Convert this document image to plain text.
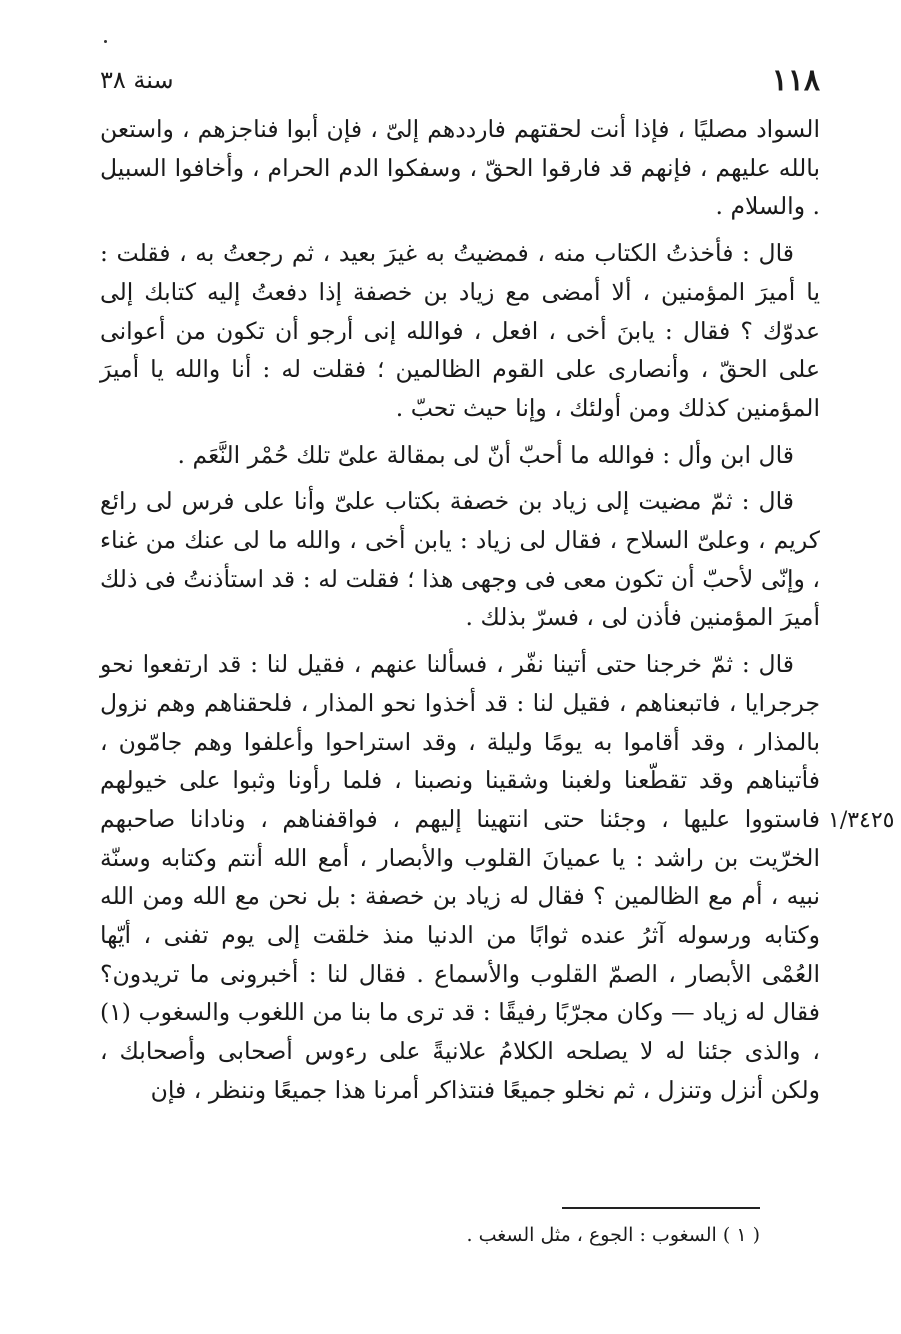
١١٨
سنة ٣٨

السواد مصليًا ، فإذا أنت لحقتهم فارددهم إلىّ ، فإن أبوا فناجزهم ، واستعن بالله عليهم ، فإنهم قد فارقوا الحقّ ، وسفكوا الدم الحرام ، وأخافوا السبيل . والسلام .

قال : فأخذتُ الكتاب منه ، فمضيتُ به غيرَ بعيد ، ثم رجعتُ به ، فقلت : يا أميرَ المؤمنين ، ألا أمضى مع زياد بن خصفة إذا دفعتُ إليه كتابك إلى عدوّك ؟ فقال : يابنَ أخى ، افعل ، فوالله إنى أرجو أن تكون من أعوانى على الحقّ ، وأنصارى على القوم الظالمين ؛ فقلت له : أنا والله يا أميرَ المؤمنين كذلك ومن أولئك ، وإنا حيث تحبّ .

قال ابن وأل : فوالله ما أحبّ أنّ لى بمقالة علىّ تلك حُمْر النَّعَم .

قال : ثمّ مضيت إلى زياد بن خصفة بكتاب علىّ وأنا على فرس لى رائع كريم ، وعلىّ السلاح ، فقال لى زياد : يابن أخى ، والله ما لى عنك من غناء ، وإنّى لأحبّ أن تكون معى فى وجهى هذا ؛ فقلت له : قد استأذنتُ فى ذلك أميرَ المؤمنين فأذن لى ، فسرّ بذلك .

قال : ثمّ خرجنا حتى أتينا نفّر ، فسألنا عنهم ، فقيل لنا : قد ارتفعوا نحو جرجرايا ، فاتبعناهم ، فقيل لنا : قد أخذوا نحو المذار ، فلحقناهم وهم نزول بالمذار ، وقد أقاموا به يومًا وليلة ، وقد استراحوا وأعلفوا وهم جامّون ، فأتيناهم وقد تقطّعنا ولغبنا وشقينا ونصبنا ، فلما رأونا وثبوا على خيولهم فاستووا عليها ، وجئنا حتى انتهينا إليهم ، فواقفناهم ، ونادانا صاحبهم الخرّيت بن راشد : يا عميانَ القلوب والأبصار ، أمع الله أنتم وكتابه وسنّة نبيه ، أم مع الظالمين ؟ فقال له زياد بن خصفة : بل نحن مع الله ومن الله وكتابه ورسوله آثرُ عنده ثوابًا من الدنيا منذ خلقت إلى يوم تفنى ، أيّها العُمْى الأبصار ، الصمّ القلوب والأسماع . فقال لنا : أخبرونى ما تريدون؟ فقال له زياد — وكان مجرّبًا رفيقًا : قد ترى ما بنا من اللغوب والسغوب (١) ، والذى جئنا له لا يصلحه الكلامُ علانيةً على رءوس أصحابى وأصحابك ، ولكن أنزل وتنزل ، ثم نخلو جميعًا فنتذاكر أمرنا هذا جميعًا وننظر ، فإن

١/٣٤٢٥
( ١ ) السغوب : الجوع ، مثل السغب .
